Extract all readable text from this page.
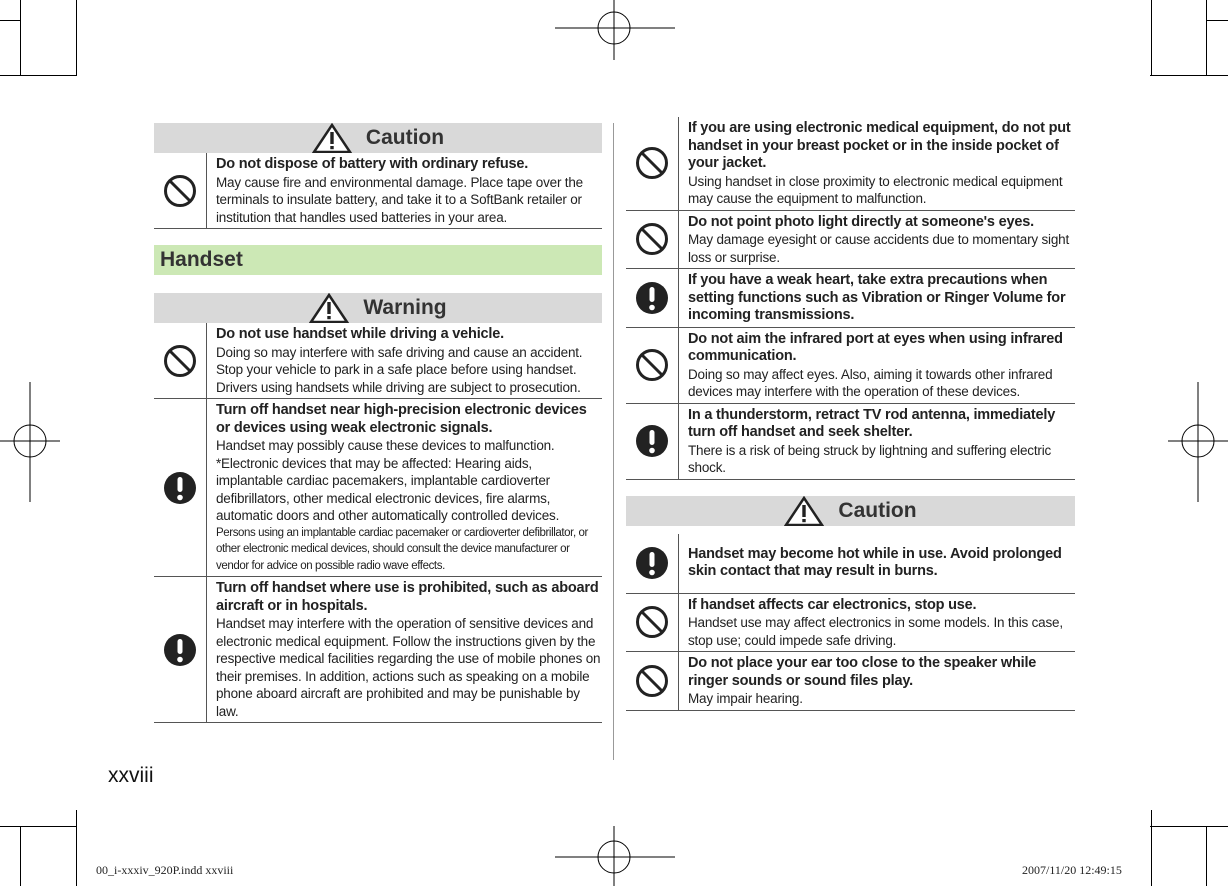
Caution
Do not dispose of battery with ordinary refuse.
May cause fire and environmental damage. Place tape over the terminals to insulate battery, and take it to a SoftBank retailer or institution that handles used batteries in your area.
Handset
Warning
Do not use handset while driving a vehicle.
Doing so may interfere with safe driving and cause an accident. Stop your vehicle to park in a safe place before using handset. Drivers using handsets while driving are subject to prosecution.
Turn off handset near high-precision electronic devices or devices using weak electronic signals.
Handset may possibly cause these devices to malfunction. *Electronic devices that may be affected: Hearing aids, implantable cardiac pacemakers, implantable cardioverter defibrillators, other medical electronic devices, fire alarms, automatic doors and other automatically controlled devices.
Persons using an implantable cardiac pacemaker or cardioverter defibrillator, or other electronic medical devices, should consult the device manufacturer or vendor for advice on possible radio wave effects.
Turn off handset where use is prohibited, such as aboard aircraft or in hospitals.
Handset may interfere with the operation of sensitive devices and electronic medical equipment. Follow the instructions given by the respective medical facilities regarding the use of mobile phones on their premises. In addition, actions such as speaking on a mobile phone aboard aircraft are prohibited and may be punishable by law.
If you are using electronic medical equipment, do not put handset in your breast pocket or in the inside pocket of your jacket.
Using handset in close proximity to electronic medical equipment may cause the equipment to malfunction.
Do not point photo light directly at someone's eyes.
May damage eyesight or cause accidents due to momentary sight loss or surprise.
If you have a weak heart, take extra precautions when setting functions such as Vibration or Ringer Volume for incoming transmissions.
Do not aim the infrared port at eyes when using infrared communication.
Doing so may affect eyes. Also, aiming it towards other infrared devices may interfere with the operation of these devices.
In a thunderstorm, retract TV rod antenna, immediately turn off handset and seek shelter.
There is a risk of being struck by lightning and suffering electric shock.
Caution
Handset may become hot while in use. Avoid prolonged skin contact that may result in burns.
If handset affects car electronics, stop use.
Handset use may affect electronics in some models. In this case, stop use; could impede safe driving.
Do not place your ear too close to the speaker while ringer sounds or sound files play.
May impair hearing.
xxviii
00_i-xxxiv_920P.indd xxviii	2007/11/20 12:49:15
